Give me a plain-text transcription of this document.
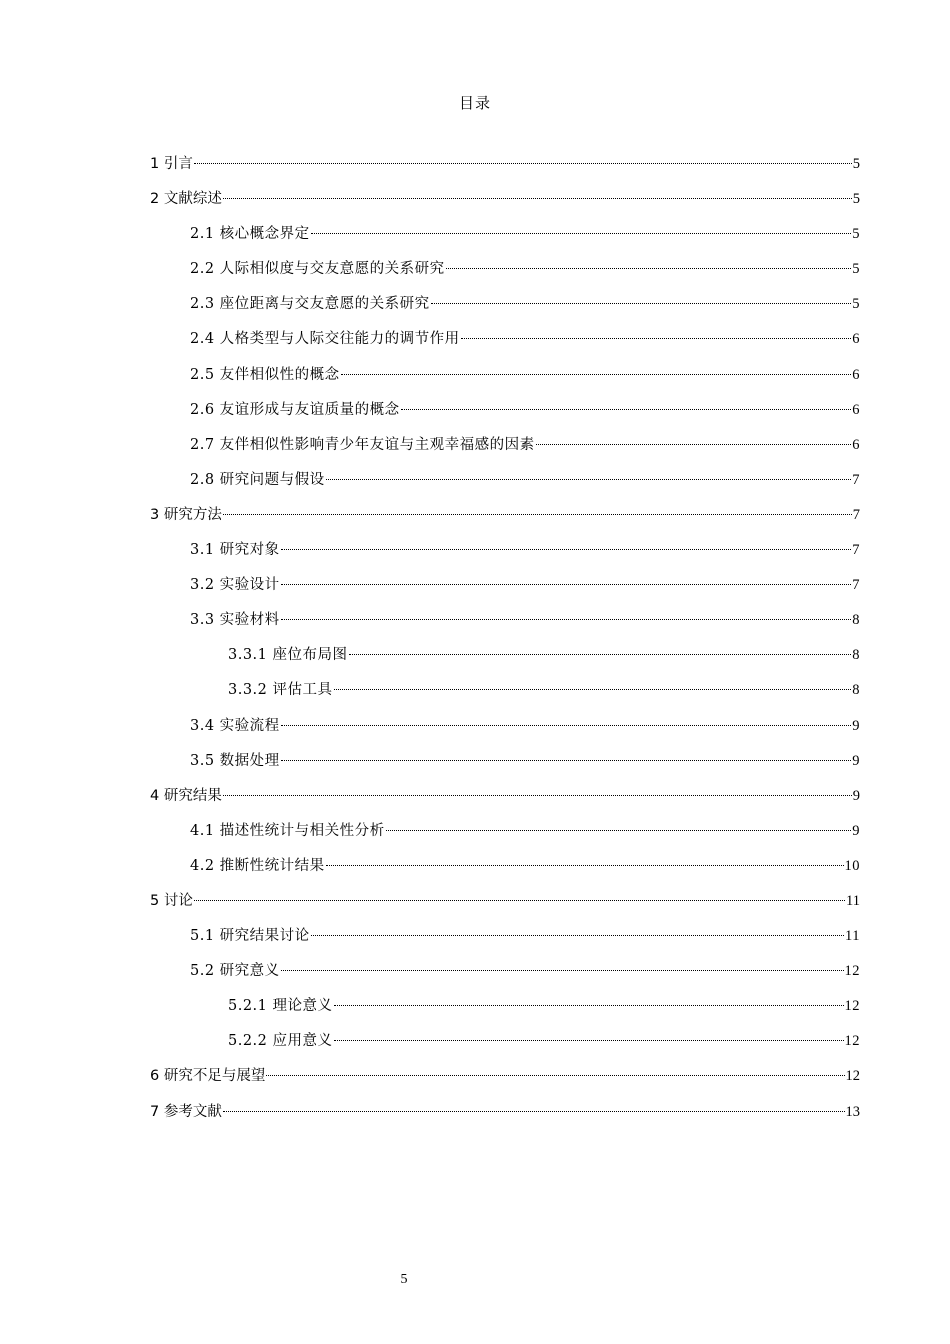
目录
1 引言	5
2 文献综述	5
2.1 核心概念界定	5
2.2 人际相似度与交友意愿的关系研究	5
2.3 座位距离与交友意愿的关系研究	5
2.4 人格类型与人际交往能力的调节作用	6
2.5 友伴相似性的概念	6
2.6 友谊形成与友谊质量的概念	6
2.7 友伴相似性影响青少年友谊与主观幸福感的因素	6
2.8 研究问题与假设	7
3 研究方法	7
3.1 研究对象	7
3.2 实验设计	7
3.3 实验材料	8
3.3.1 座位布局图	8
3.3.2 评估工具	8
3.4 实验流程	9
3.5 数据处理	9
4 研究结果	9
4.1 描述性统计与相关性分析	9
4.2 推断性统计结果	10
5 讨论	11
5.1 研究结果讨论	11
5.2 研究意义	12
5.2.1 理论意义	12
5.2.2 应用意义	12
6 研究不足与展望	12
7 参考文献	13
5
